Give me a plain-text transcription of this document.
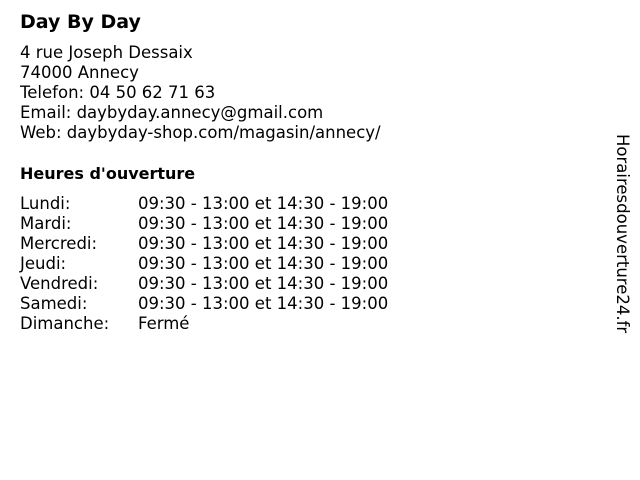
Day By Day
4 rue Joseph Dessaix
74000 Annecy
Telefon: 04 50 62 71 63
Email: daybyday.annecy@gmail.com
Web: daybyday-shop.com/magasin/annecy/
Heures d'ouverture
Lundi:	09:30 - 13:00 et 14:30 - 19:00
Mardi:	09:30 - 13:00 et 14:30 - 19:00
Mercredi: 09:30 - 13:00 et 14:30 - 19:00
Jeudi:	09:30 - 13:00 et 14:30 - 19:00
Vendredi: 09:30 - 13:00 et 14:30 - 19:00
Samedi:	09:30 - 13:00 et 14:30 - 19:00
Dimanche: Fermé	Horairesdouverture24.fr
